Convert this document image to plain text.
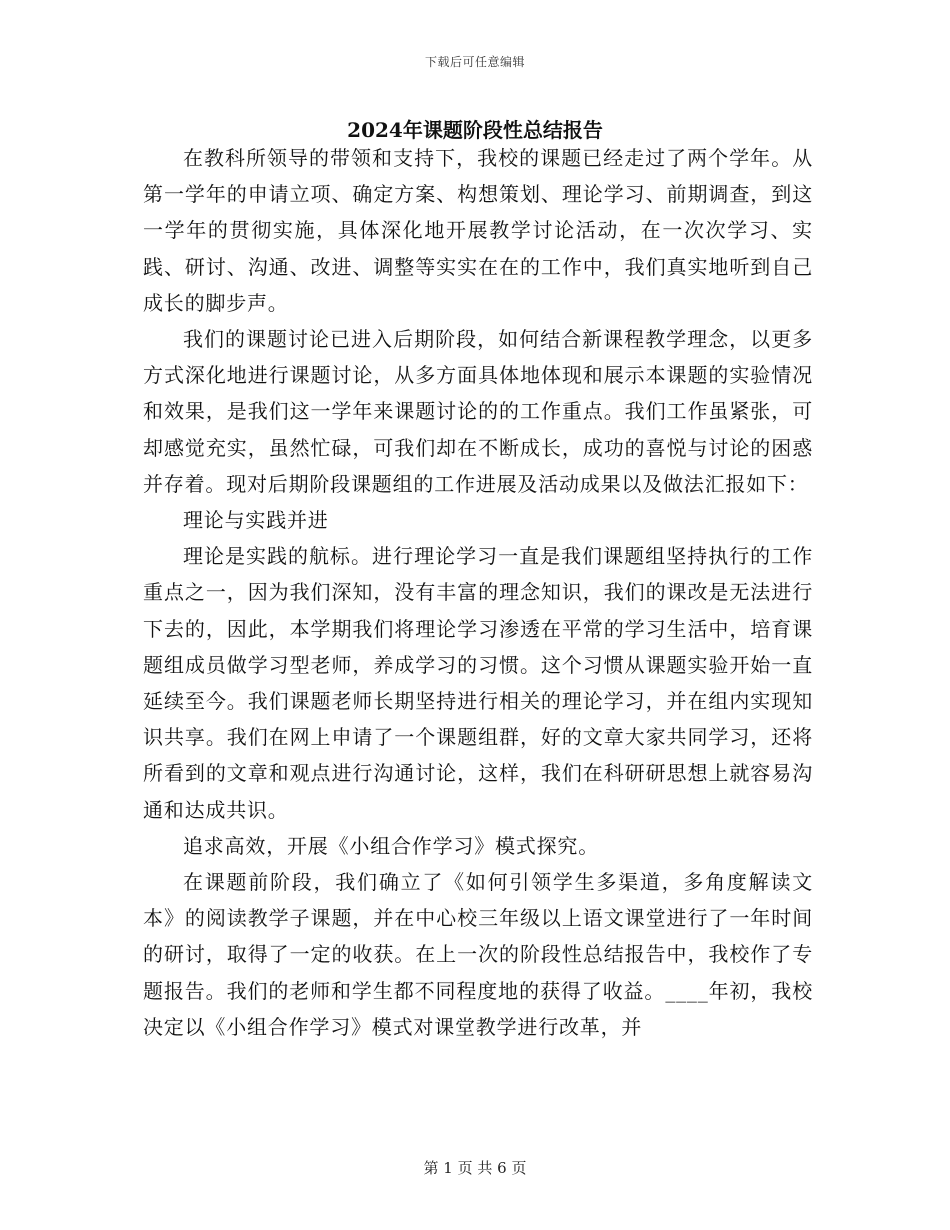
下载后可任意编辑
2024年课题阶段性总结报告

在教科所领导的带领和支持下，我校的课题已经走过了两个学年。从第一学年的申请立项、确定方案、构想策划、理论学习、前期调查，到这一学年的贯彻实施，具体深化地开展教学讨论活动，在一次次学习、实践、研讨、沟通、改进、调整等实实在在的工作中，我们真实地听到自己成长的脚步声。

我们的课题讨论已进入后期阶段，如何结合新课程教学理念，以更多方式深化地进行课题讨论，从多方面具体地体现和展示本课题的实验情况和效果，是我们这一学年来课题讨论的的工作重点。我们工作虽紧张，可却感觉充实，虽然忙碌，可我们却在不断成长，成功的喜悦与讨论的困惑并存着。现对后期阶段课题组的工作进展及活动成果以及做法汇报如下：

理论与实践并进

理论是实践的航标。进行理论学习一直是我们课题组坚持执行的工作重点之一，因为我们深知，没有丰富的理念知识，我们的课改是无法进行下去的，因此，本学期我们将理论学习渗透在平常的学习生活中，培育课题组成员做学习型老师，养成学习的习惯。这个习惯从课题实验开始一直延续至今。我们课题老师长期坚持进行相关的理论学习，并在组内实现知识共享。我们在网上申请了一个课题组群，好的文章大家共同学习，还将所看到的文章和观点进行沟通讨论，这样，我们在科研研思想上就容易沟通和达成共识。

追求高效，开展《小组合作学习》模式探究。

在课题前阶段，我们确立了《如何引领学生多渠道，多角度解读文本》的阅读教学子课题，并在中心校三年级以上语文课堂进行了一年时间的研讨，取得了一定的收获。在上一次的阶段性总结报告中，我校作了专题报告。我们的老师和学生都不同程度地的获得了收益。____年初，我校决定以《小组合作学习》模式对课堂教学进行改革，并

第 1 页 共 6 页
